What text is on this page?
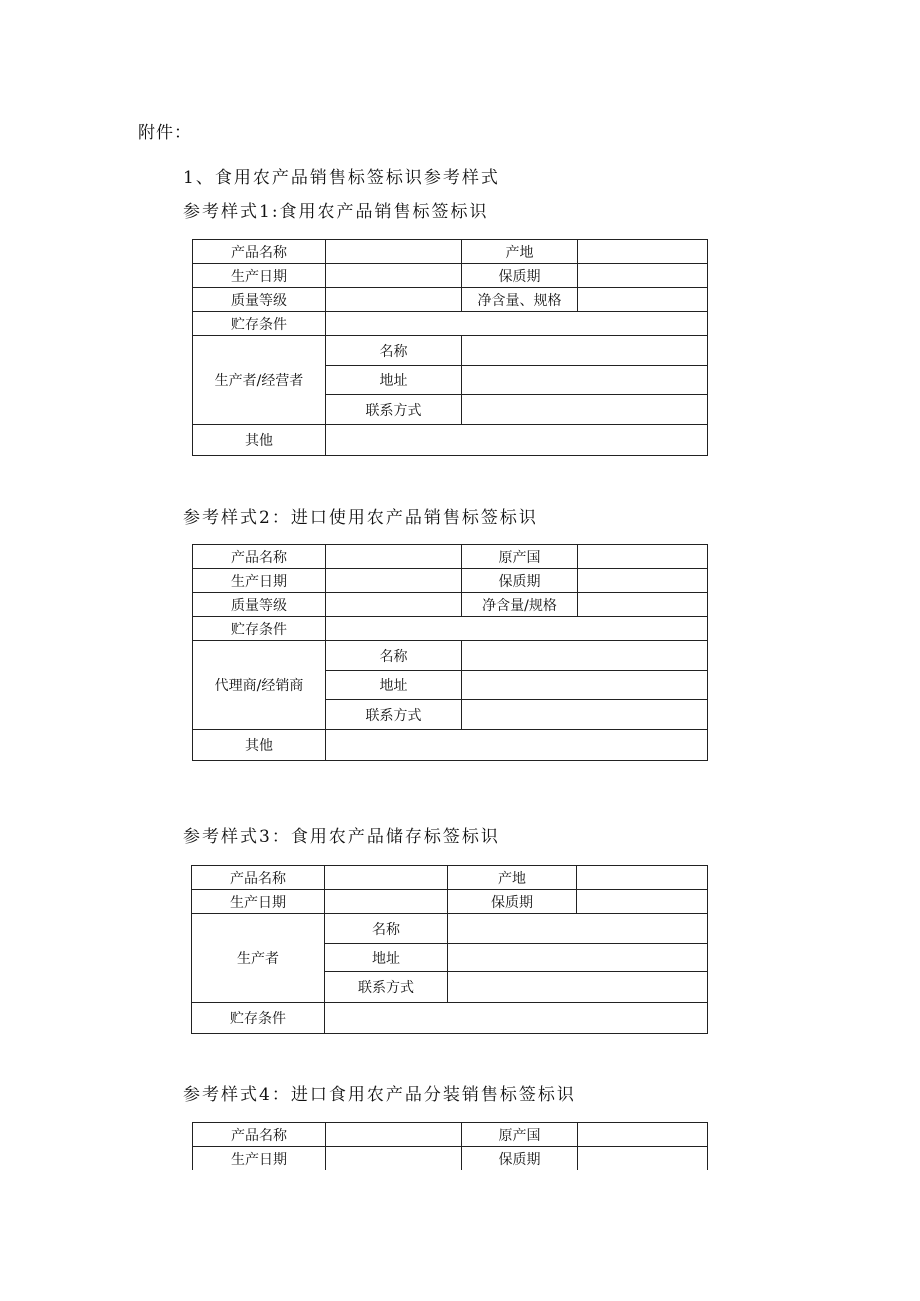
附件：
1、食用农产品销售标签标识参考样式
参考样式1:食用农产品销售标签标识
产品名称		产地	
生产日期		保质期	
质量等级		净含量、规格	
贮存条件			
生产者/经营者	名称		
	地址		
	联系方式		
其他			
参考样式2：进口使用农产品销售标签标识
产品名称		原产国	
生产日期		保质期	
质量等级		净含量/规格	
贮存条件			
代理商/经销商	名称		
	地址		
	联系方式		
其他			
参考样式3：食用农产品储存标签标识
产品名称		产地	
生产日期		保质期	
生产者	名称		
	地址		
	联系方式		
贮存条件			
参考样式4：进口食用农产品分装销售标签标识
产品名称		原产国	
生产日期		保质期	
